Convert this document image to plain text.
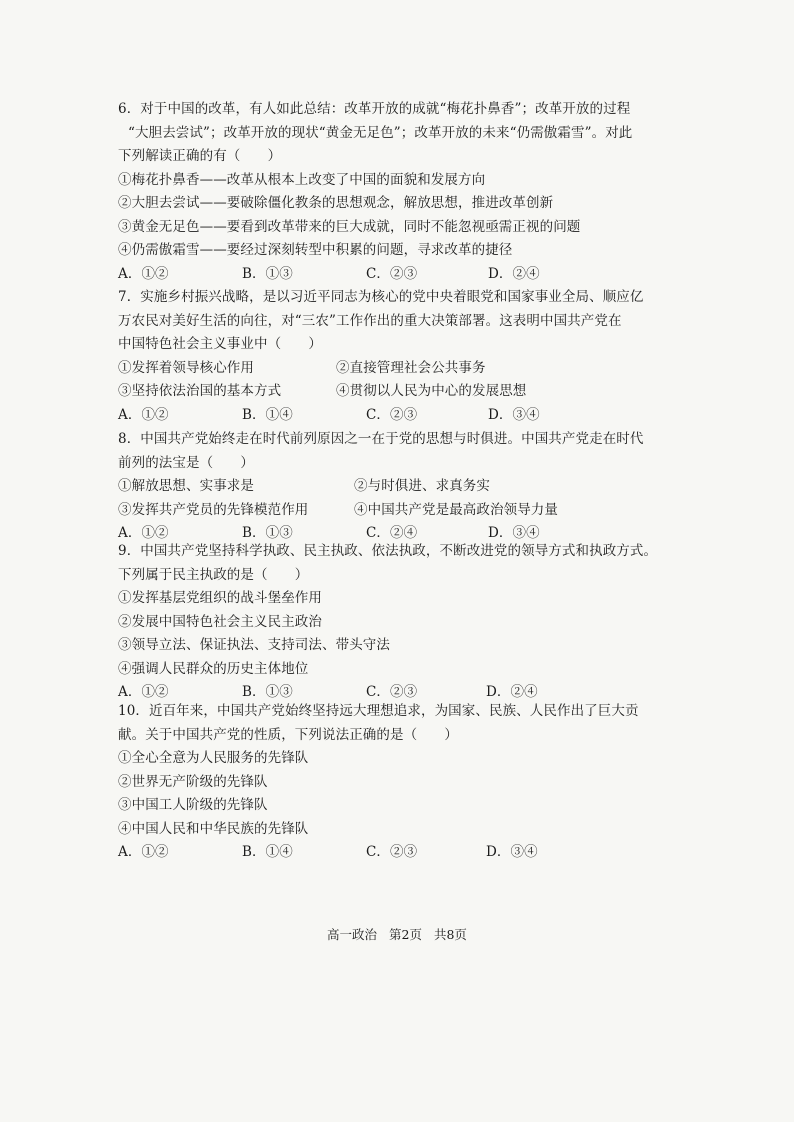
6．对于中国的改革，有人如此总结：改革开放的成就“梅花扑鼻香”；改革开放的过程
“大胆去尝试”；改革开放的现状“黄金无足色”；改革开放的未来“仍需傲霜雪”。对此
下列解读正确的有（　　）
①梅花扑鼻香——改革从根本上改变了中国的面貌和发展方向
②大胆去尝试——要破除僵化教条的思想观念，解放思想，推进改革创新
③黄金无足色——要看到改革带来的巨大成就，同时不能忽视亟需正视的问题
④仍需傲霜雪——要经过深刻转型中积累的问题，寻求改革的捷径
A．①②	B．①③	C．②③	D．②④
7．实施乡村振兴战略，是以习近平同志为核心的党中央着眼党和国家事业全局、顺应亿
万农民对美好生活的向往，对“三农”工作作出的重大决策部署。这表明中国共产党在
中国特色社会主义事业中（　　）
①发挥着领导核心作用	②直接管理社会公共事务
③坚持依法治国的基本方式	④贯彻以人民为中心的发展思想
A．①②	B．①④	C．②③	D．③④
8．中国共产党始终走在时代前列原因之一在于党的思想与时俱进。中国共产党走在时代
前列的法宝是（　　）
①解放思想、实事求是	②与时俱进、求真务实
③发挥共产党员的先锋模范作用	④中国共产党是最高政治领导力量
A．①②	B．①③	C．②④	D．③④
9．中国共产党坚持科学执政、民主执政、依法执政，不断改进党的领导方式和执政方式。
下列属于民主执政的是（　　）
①发挥基层党组织的战斗堡垒作用
②发展中国特色社会主义民主政治
③领导立法、保证执法、支持司法、带头守法
④强调人民群众的历史主体地位
A．①②	B．①③	C．②③	D．②④
10．近百年来，中国共产党始终坚持远大理想追求，为国家、民族、人民作出了巨大贡
献。关于中国共产党的性质，下列说法正确的是（　　）
①全心全意为人民服务的先锋队
②世界无产阶级的先锋队
③中国工人阶级的先锋队
④中国人民和中华民族的先锋队
A．①②	B．①④	C．②③	D．③④
高一政治 第2页 共8页
